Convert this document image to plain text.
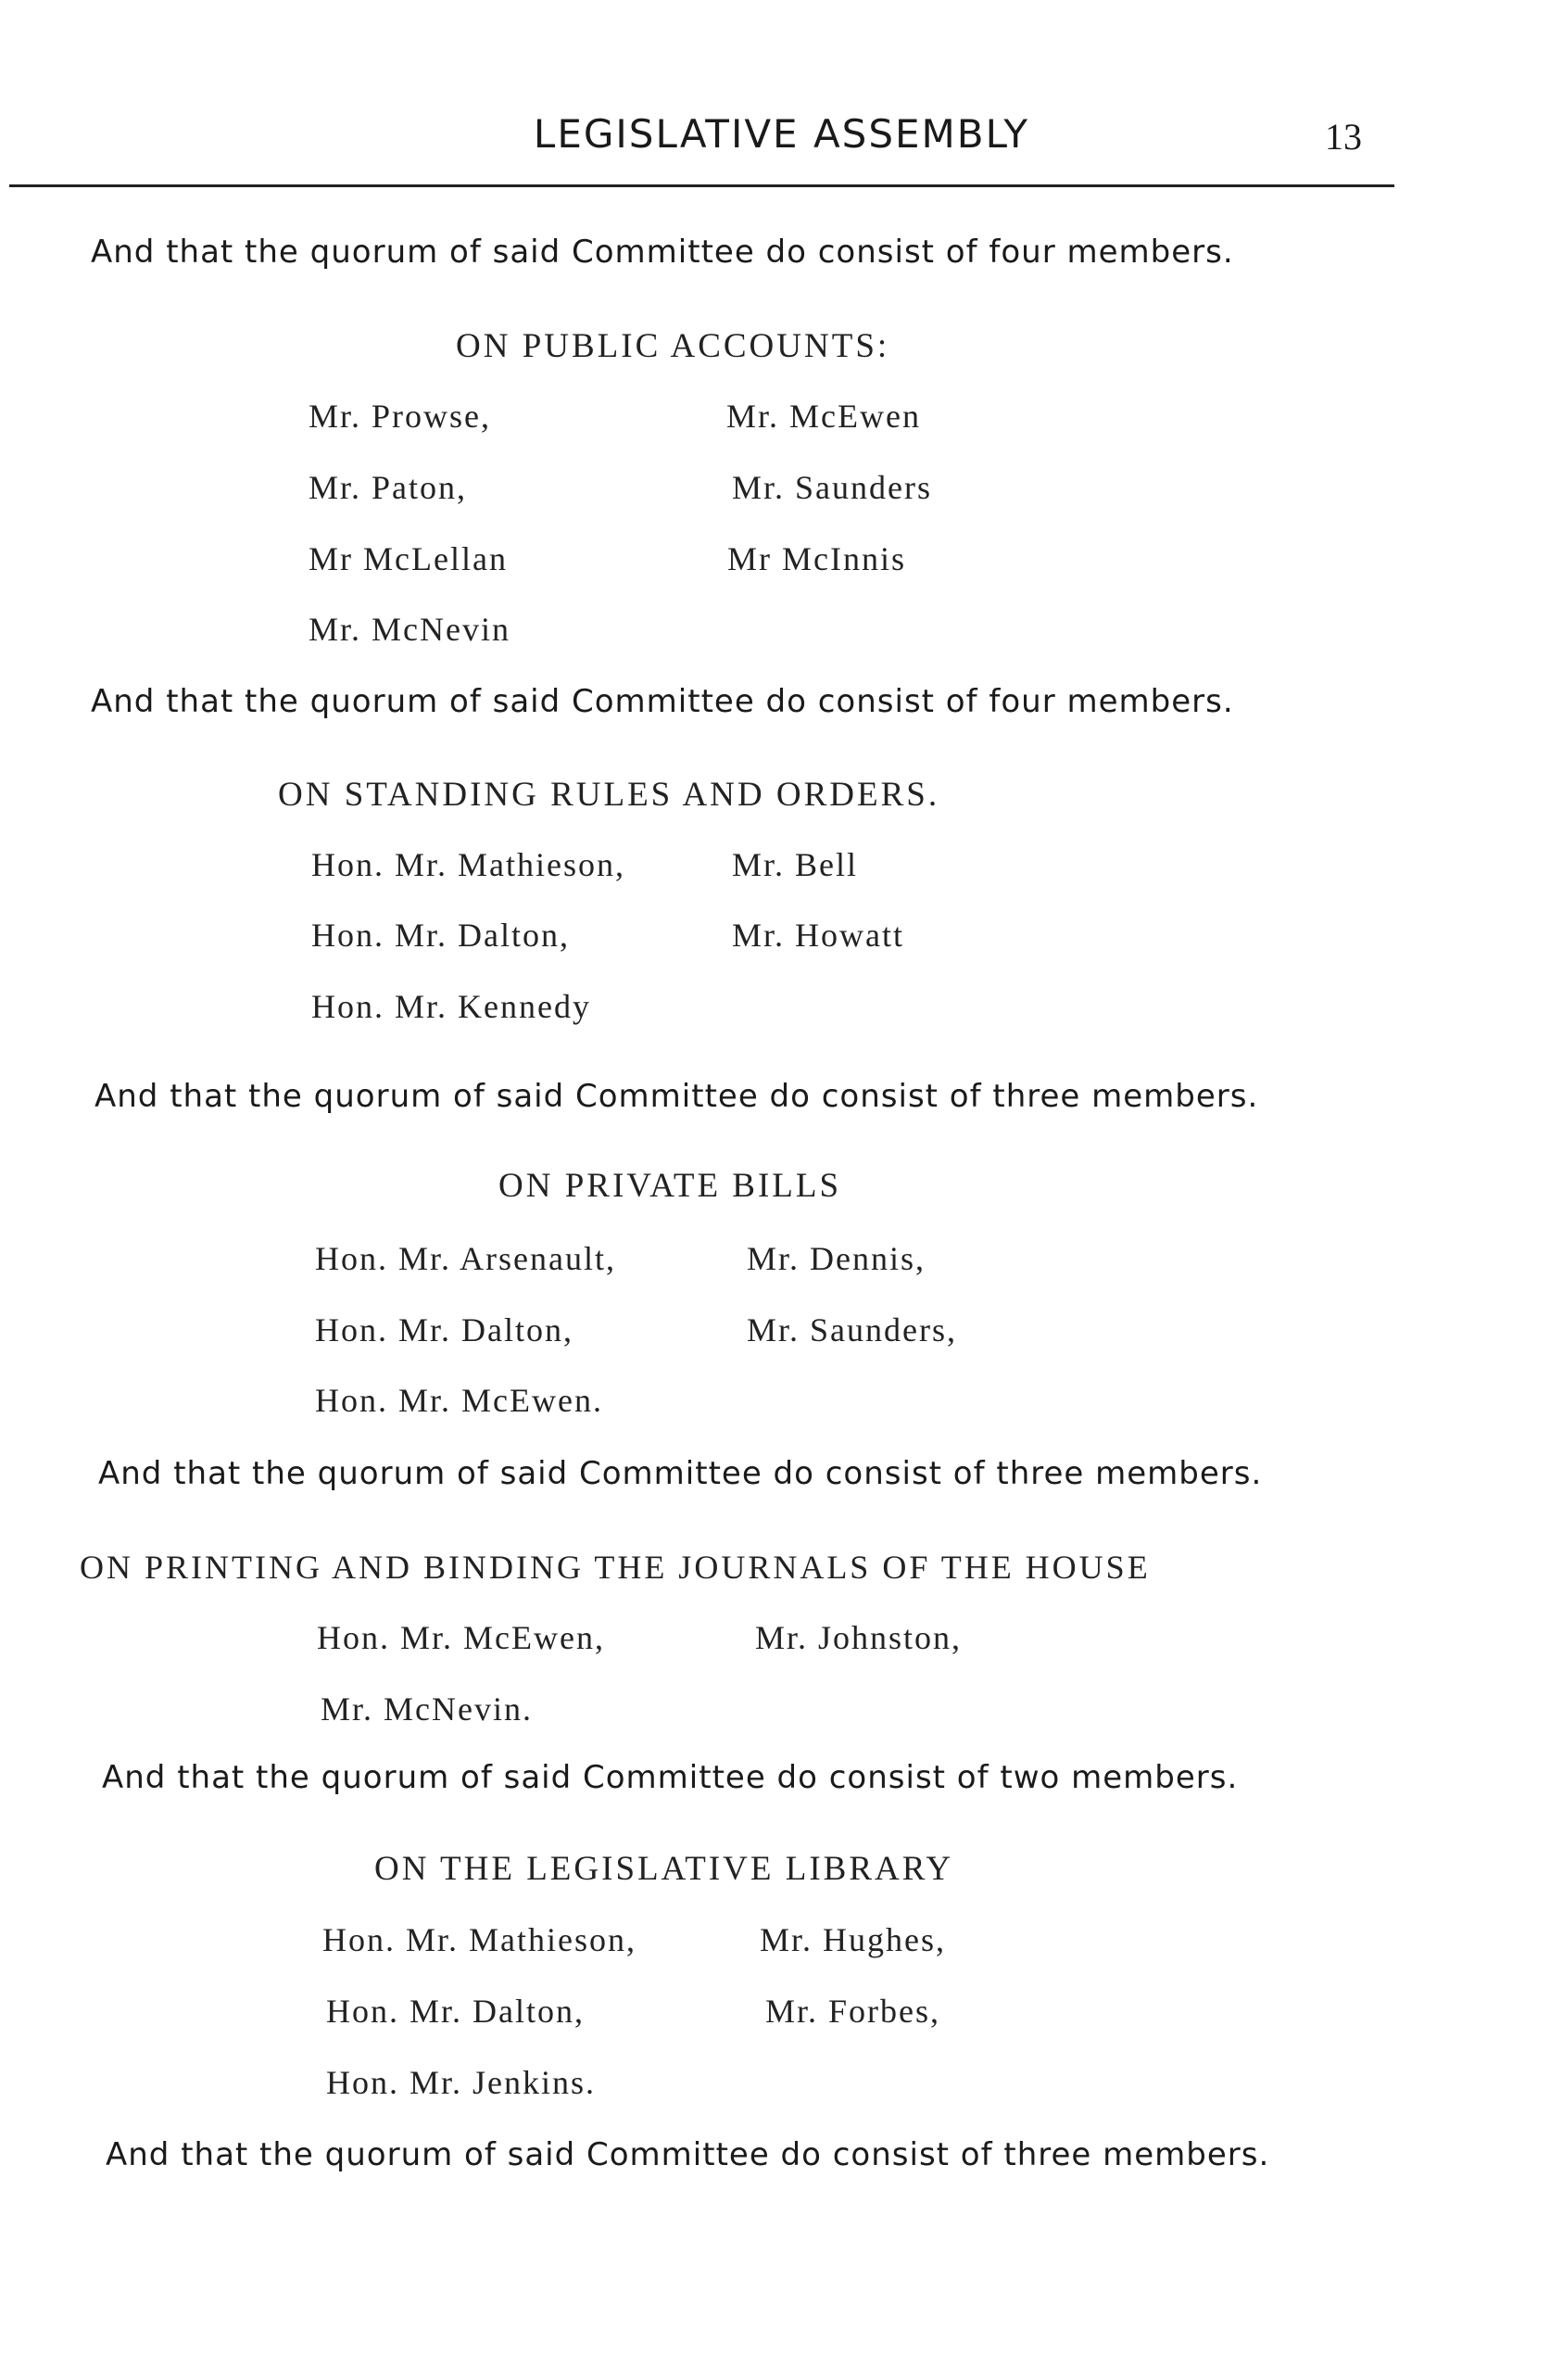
LEGISLATIVE ASSEMBLY	13
And that the quorum of said Committee do consist of four members.
ON PUBLIC ACCOUNTS:
Mr. Prowse,
Mr. Paton,
Mr McLellan
Mr. McNevin
Mr. McEwen
Mr. Saunders
Mr McInnis
And that the quorum of said Committee do consist of four members.
ON STANDING RULES AND ORDERS.
Hon. Mr. Mathieson,
Hon. Mr. Dalton,
Hon. Mr. Kennedy
Mr. Bell
Mr. Howatt
And that the quorum of said Committee do consist of three members.
ON PRIVATE BILLS
Hon. Mr. Arsenault,
Hon. Mr. Dalton,
Hon. Mr. McEwen.
Mr. Dennis,
Mr. Saunders,
And that the quorum of said Committee do consist of three members.
ON PRINTING AND BINDING THE JOURNALS OF THE HOUSE
Hon. Mr. McEwen,
Mr. McNevin.
Mr. Johnston,
And that the quorum of said Committee do consist of two members.
ON THE LEGISLATIVE LIBRARY
Hon. Mr. Mathieson,
Hon. Mr. Dalton,
Hon. Mr. Jenkins.
Mr. Hughes,
Mr. Forbes,
And that the quorum of said Committee do consist of three members.
